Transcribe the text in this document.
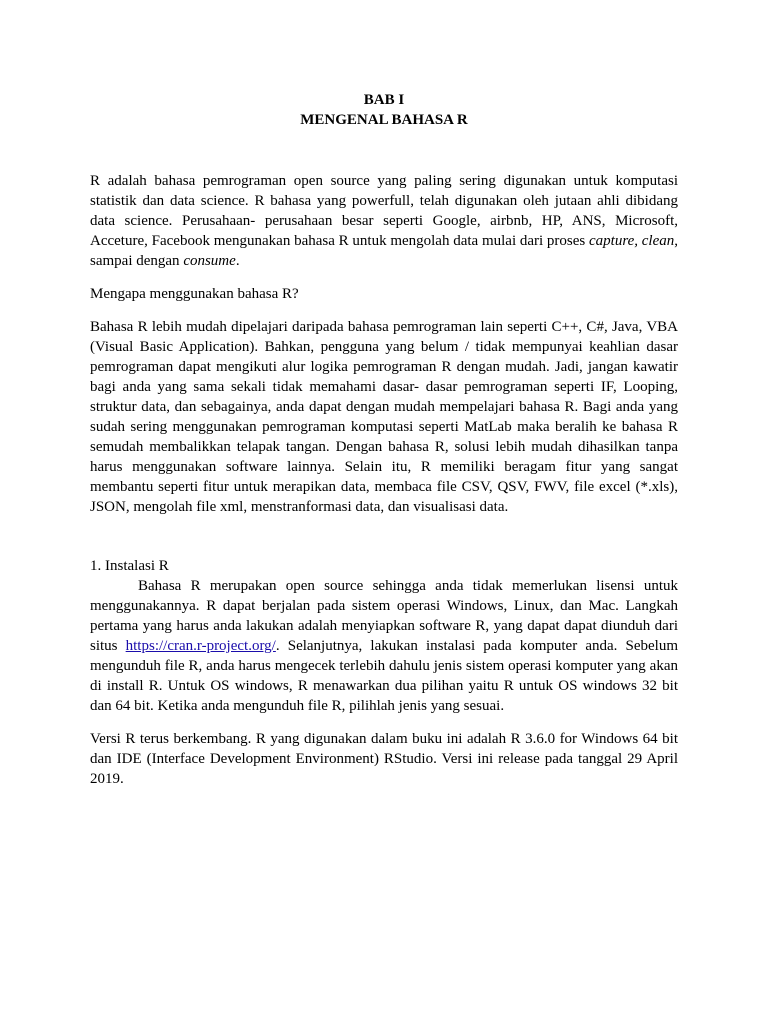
BAB I
MENGENAL BAHASA R

R adalah bahasa pemrograman open source yang paling sering digunakan untuk komputasi statistik dan data science. R bahasa yang powerfull, telah digunakan oleh jutaan ahli dibidang data science. Perusahaan- perusahaan besar seperti Google, airbnb, HP, ANS, Microsoft, Acceture, Facebook mengunakan bahasa R untuk mengolah data mulai dari proses capture, clean, sampai dengan consume.

Mengapa menggunakan bahasa R?

Bahasa R lebih mudah dipelajari daripada bahasa pemrograman lain seperti C++, C#, Java, VBA (Visual Basic Application). Bahkan, pengguna yang belum / tidak mempunyai keahlian dasar pemrograman dapat mengikuti alur logika pemrograman R dengan mudah. Jadi, jangan kawatir bagi anda yang sama sekali tidak memahami dasar- dasar pemrograman seperti IF, Looping, struktur data, dan sebagainya, anda dapat dengan mudah mempelajari bahasa R. Bagi anda yang sudah sering menggunakan pemrograman komputasi seperti MatLab maka beralih ke bahasa R semudah membalikkan telapak tangan. Dengan bahasa R, solusi lebih mudah dihasilkan tanpa harus menggunakan software lainnya. Selain itu, R memiliki beragam fitur yang sangat membantu seperti fitur untuk merapikan data, membaca file CSV, QSV, FWV, file excel (*.xls), JSON, mengolah file xml, menstranformasi data, dan visualisasi data.

1. Instalasi R

Bahasa R merupakan open source sehingga anda tidak memerlukan lisensi untuk menggunakannya. R dapat berjalan pada sistem operasi Windows, Linux, dan Mac. Langkah pertama yang harus anda lakukan adalah menyiapkan software R, yang dapat dapat diunduh dari situs https://cran.r-project.org/. Selanjutnya, lakukan instalasi pada komputer anda. Sebelum mengunduh file R, anda harus mengecek terlebih dahulu jenis sistem operasi komputer yang akan di install R. Untuk OS windows, R menawarkan dua pilihan yaitu R untuk OS windows 32 bit dan 64 bit. Ketika anda mengunduh file R, pilihlah jenis yang sesuai.

Versi R terus berkembang. R yang digunakan dalam buku ini adalah R 3.6.0 for Windows 64 bit dan IDE (Interface Development Environment) RStudio. Versi ini release pada tanggal 29 April 2019.
